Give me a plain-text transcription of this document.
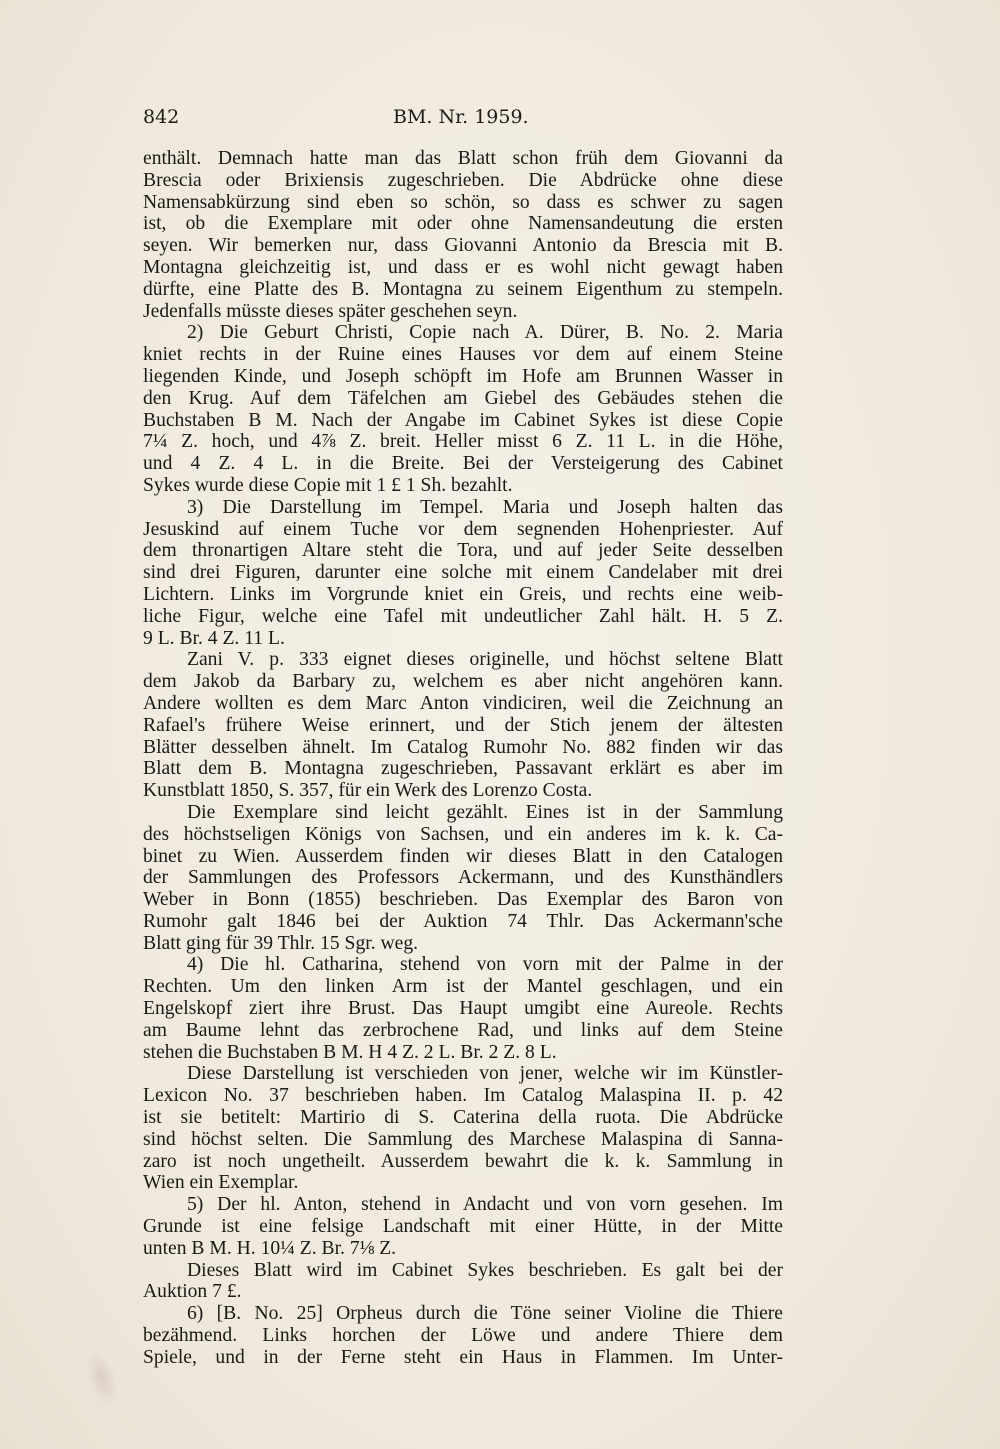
842	BM. Nr. 1959.
enthält. Demnach hatte man das Blatt schon früh dem Giovanni da
Brescia oder Brixiensis zugeschrieben. Die Abdrücke ohne diese
Namensabkürzung sind eben so schön, so dass es schwer zu sagen
ist, ob die Exemplare mit oder ohne Namensandeutung die ersten
seyen. Wir bemerken nur, dass Giovanni Antonio da Brescia mit B.
Montagna gleichzeitig ist, und dass er es wohl nicht gewagt haben
dürfte, eine Platte des B. Montagna zu seinem Eigenthum zu stempeln.
Jedenfalls müsste dieses später geschehen seyn.
2) Die Geburt Christi, Copie nach A. Dürer, B. No. 2. Maria
kniet rechts in der Ruine eines Hauses vor dem auf einem Steine
liegenden Kinde, und Joseph schöpft im Hofe am Brunnen Wasser in
den Krug. Auf dem Täfelchen am Giebel des Gebäudes stehen die
Buchstaben B M. Nach der Angabe im Cabinet Sykes ist diese Copie
7¼ Z. hoch, und 4⅞ Z. breit. Heller misst 6 Z. 11 L. in die Höhe,
und 4 Z. 4 L. in die Breite. Bei der Versteigerung des Cabinet
Sykes wurde diese Copie mit 1 £ 1 Sh. bezahlt.
3) Die Darstellung im Tempel. Maria und Joseph halten das
Jesuskind auf einem Tuche vor dem segnenden Hohenpriester. Auf
dem thronartigen Altare steht die Tora, und auf jeder Seite desselben
sind drei Figuren, darunter eine solche mit einem Candelaber mit drei
Lichtern. Links im Vorgrunde kniet ein Greis, und rechts eine weib-
liche Figur, welche eine Tafel mit undeutlicher Zahl hält. H. 5 Z.
9 L. Br. 4 Z. 11 L.
Zani V. p. 333 eignet dieses originelle, und höchst seltene Blatt
dem Jakob da Barbary zu, welchem es aber nicht angehören kann.
Andere wollten es dem Marc Anton vindiciren, weil die Zeichnung an
Rafael's frühere Weise erinnert, und der Stich jenem der ältesten
Blätter desselben ähnelt. Im Catalog Rumohr No. 882 finden wir das
Blatt dem B. Montagna zugeschrieben, Passavant erklärt es aber im
Kunstblatt 1850, S. 357, für ein Werk des Lorenzo Costa.
Die Exemplare sind leicht gezählt. Eines ist in der Sammlung
des höchstseligen Königs von Sachsen, und ein anderes im k. k. Ca-
binet zu Wien. Ausserdem finden wir dieses Blatt in den Catalogen
der Sammlungen des Professors Ackermann, und des Kunsthändlers
Weber in Bonn (1855) beschrieben. Das Exemplar des Baron von
Rumohr galt 1846 bei der Auktion 74 Thlr. Das Ackermann'sche
Blatt ging für 39 Thlr. 15 Sgr. weg.
4) Die hl. Catharina, stehend von vorn mit der Palme in der
Rechten. Um den linken Arm ist der Mantel geschlagen, und ein
Engelskopf ziert ihre Brust. Das Haupt umgibt eine Aureole. Rechts
am Baume lehnt das zerbrochene Rad, und links auf dem Steine
stehen die Buchstaben B M. H 4 Z. 2 L. Br. 2 Z. 8 L.
Diese Darstellung ist verschieden von jener, welche wir im Künstler-
Lexicon No. 37 beschrieben haben. Im Catalog Malaspina II. p. 42
ist sie betitelt: Martirio di S. Caterina della ruota. Die Abdrücke
sind höchst selten. Die Sammlung des Marchese Malaspina di Sanna-
zaro ist noch ungetheilt. Ausserdem bewahrt die k. k. Sammlung in
Wien ein Exemplar.
5) Der hl. Anton, stehend in Andacht und von vorn gesehen. Im
Grunde ist eine felsige Landschaft mit einer Hütte, in der Mitte
unten B M. H. 10¼ Z. Br. 7⅛ Z.
Dieses Blatt wird im Cabinet Sykes beschrieben. Es galt bei der
Auktion 7 £.
6) [B. No. 25] Orpheus durch die Töne seiner Violine die Thiere
bezähmend. Links horchen der Löwe und andere Thiere dem
Spiele, und in der Ferne steht ein Haus in Flammen. Im Unter-
